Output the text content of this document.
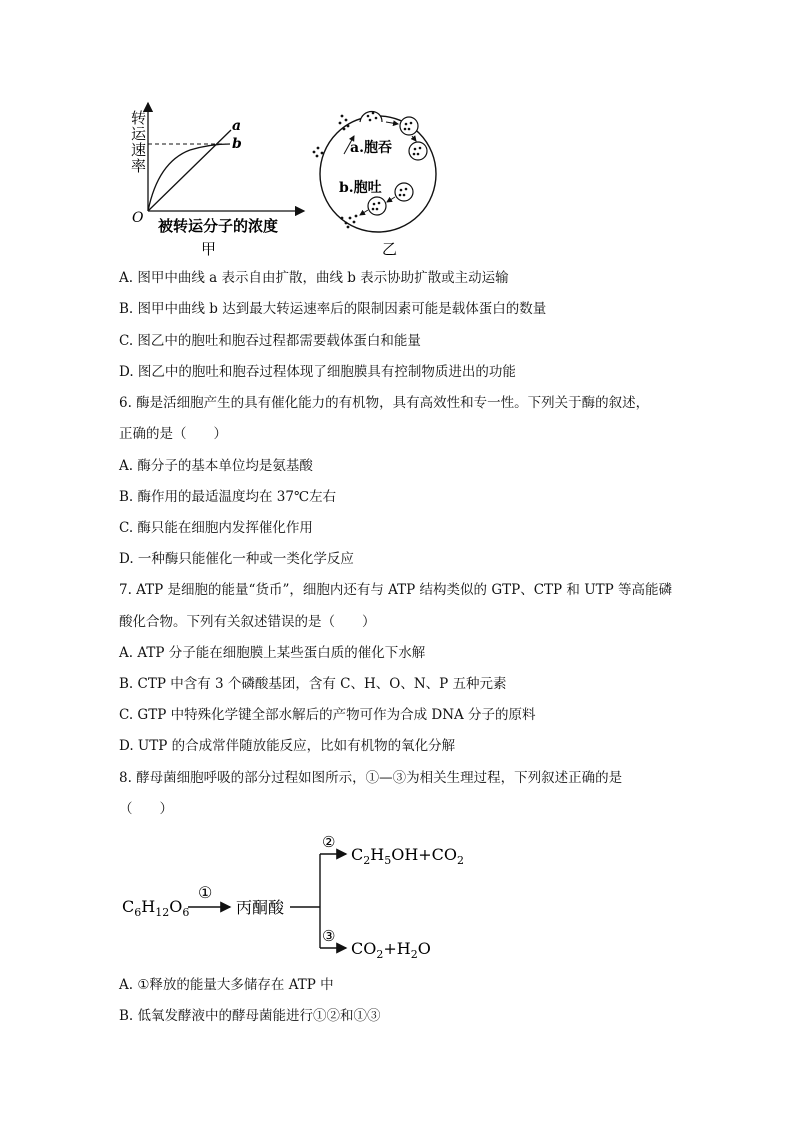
转运速率
O
a
b
被转运分子的浓度
甲
a.胞吞
b.胞吐
乙
A. 图甲中曲线 a 表示自由扩散，曲线 b 表示协助扩散或主动运输
B. 图甲中曲线 b 达到最大转运速率后的限制因素可能是载体蛋白的数量
C. 图乙中的胞吐和胞吞过程都需要载体蛋白和能量
D. 图乙中的胞吐和胞吞过程体现了细胞膜具有控制物质进出的功能
6. 酶是活细胞产生的具有催化能力的有机物，具有高效性和专一性。下列关于酶的叙述，
正确的是（　　）
A. 酶分子的基本单位均是氨基酸
B. 酶作用的最适温度均在 37℃左右
C. 酶只能在细胞内发挥催化作用
D. 一种酶只能催化一种或一类化学反应
7. ATP 是细胞的能量“货币”，细胞内还有与 ATP 结构类似的 GTP、CTP 和 UTP 等高能磷
酸化合物。下列有关叙述错误的是（　　）
A. ATP 分子能在细胞膜上某些蛋白质的催化下水解
B. CTP 中含有 3 个磷酸基团，含有 C、H、O、N、P 五种元素
C. GTP 中特殊化学键全部水解后的产物可作为合成 DNA 分子的原料
D. UTP 的合成常伴随放能反应，比如有机物的氧化分解
8. 酵母菌细胞呼吸的部分过程如图所示，①—③为相关生理过程，下列叙述正确的是
（　　）
$C_6H_{12}O_6$
①
丙酮酸
②
③
$C_2H_5OH+CO_2$
$CO_2+H_2O$
A. ①释放的能量大多储存在 ATP 中
B. 低氧发酵液中的酵母菌能进行①②和①③
